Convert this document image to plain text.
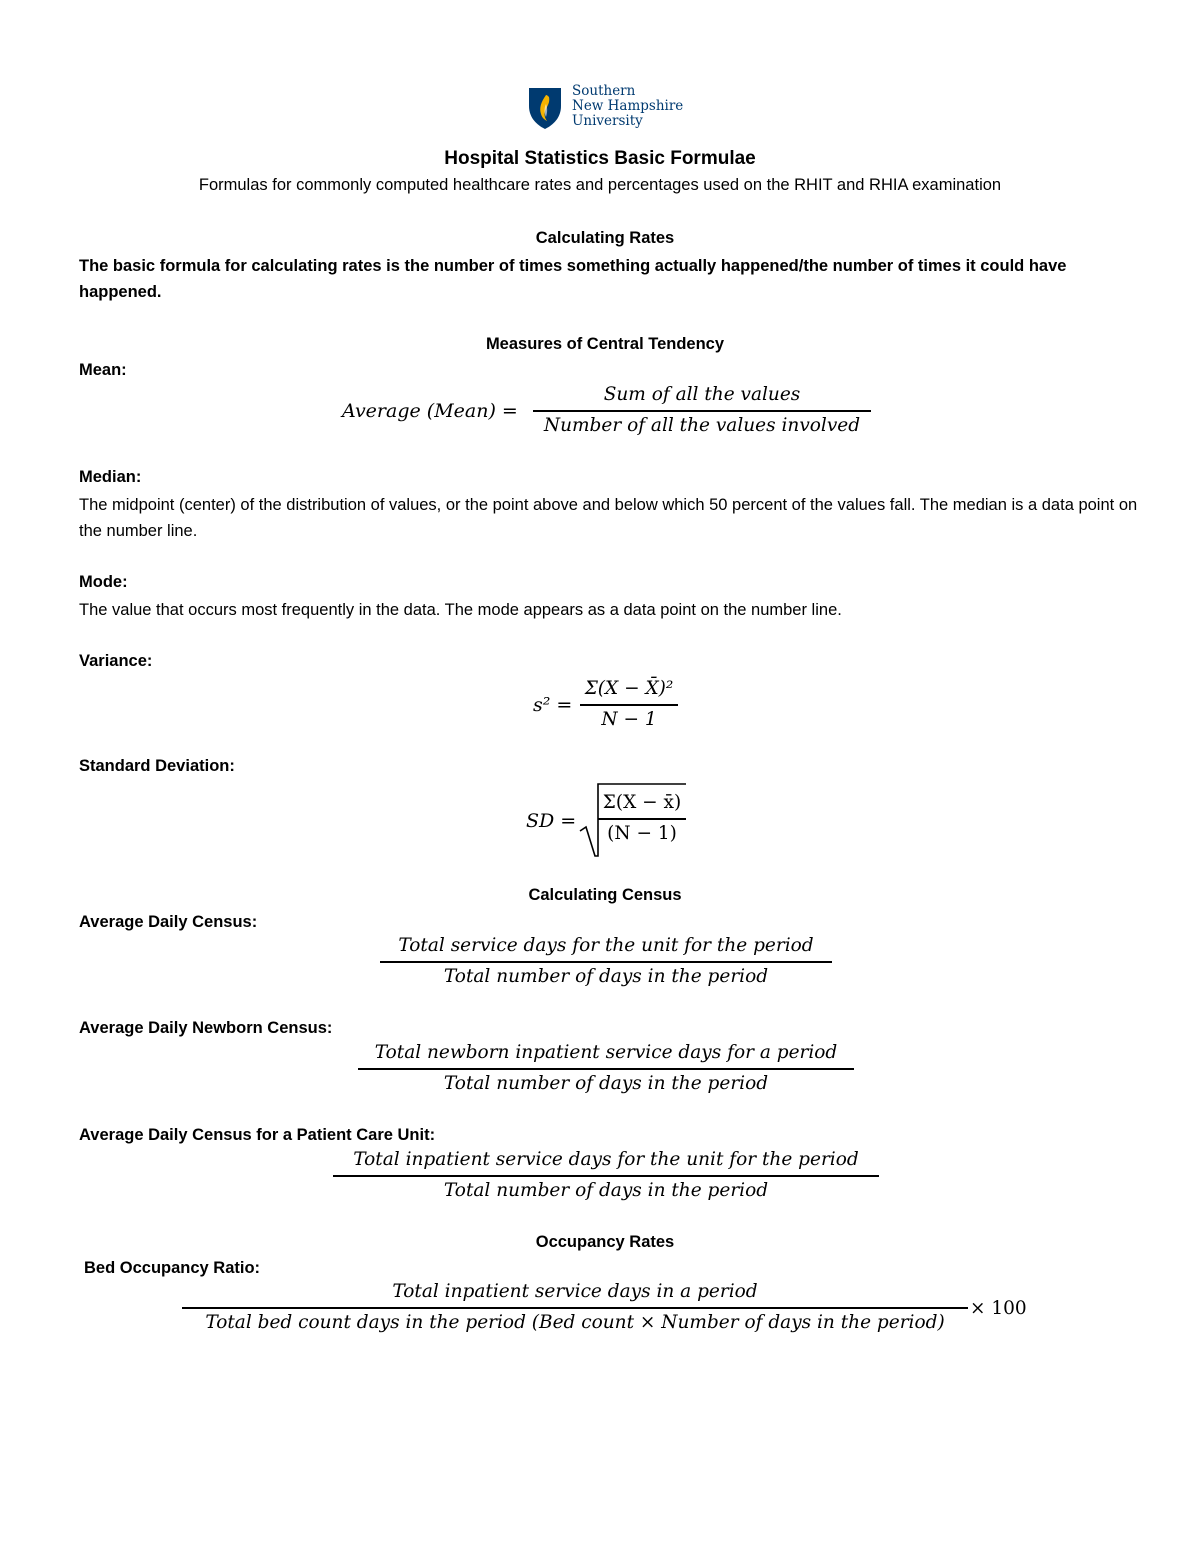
Southern
New Hampshire
University
Hospital Statistics Basic Formulae
Formulas for commonly computed healthcare rates and percentages used on the RHIT and RHIA examination
Calculating Rates
The basic formula for calculating rates is the number of times something actually happened/the number of times it could have happened.
Measures of Central Tendency
Mean:
Average (Mean) =
Sum of all the values
Number of all the values involved
Median:
The midpoint (center) of the distribution of values, or the point above and below which 50 percent of the values fall. The median is a data point on the number line.
Mode:
The value that occurs most frequently in the data. The mode appears as a data point on the number line.
Variance:
s² =
Σ(X − X̄)²
N − 1
Standard Deviation:
SD =
Σ(X − x̄)
(N − 1)
Calculating Census
Average Daily Census:
Total service days for the unit for the period
Total number of days in the period
Average Daily Newborn Census:
Total newborn inpatient service days for a period
Total number of days in the period
Average Daily Census for a Patient Care Unit:
Total inpatient service days for the unit for the period
Total number of days in the period
Occupancy Rates
Bed Occupancy Ratio:
Total inpatient service days in a period
Total bed count days in the period (Bed count × Number of days in the period)
× 100
